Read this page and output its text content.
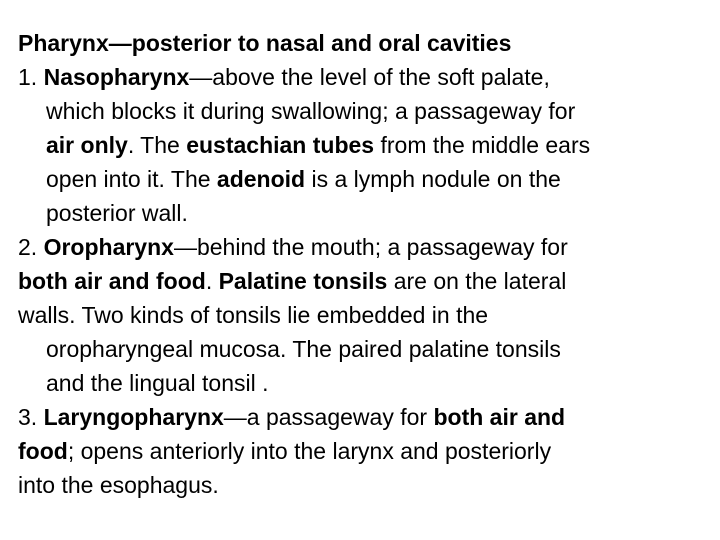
Pharynx—posterior to nasal and oral cavities
1. Nasopharynx—above the level of the soft palate,
which blocks it during swallowing; a passageway for
air only. The eustachian tubes from the middle ears
open into it. The adenoid is a lymph nodule on the
posterior wall.
2. Oropharynx—behind the mouth; a passageway for
both air and food. Palatine tonsils are on the lateral
walls. Two kinds of tonsils lie embedded in the
oropharyngeal mucosa. The paired palatine tonsils
and the lingual tonsil .
3. Laryngopharynx—a passageway for both air and
food; opens anteriorly into the larynx and posteriorly
into the esophagus.
